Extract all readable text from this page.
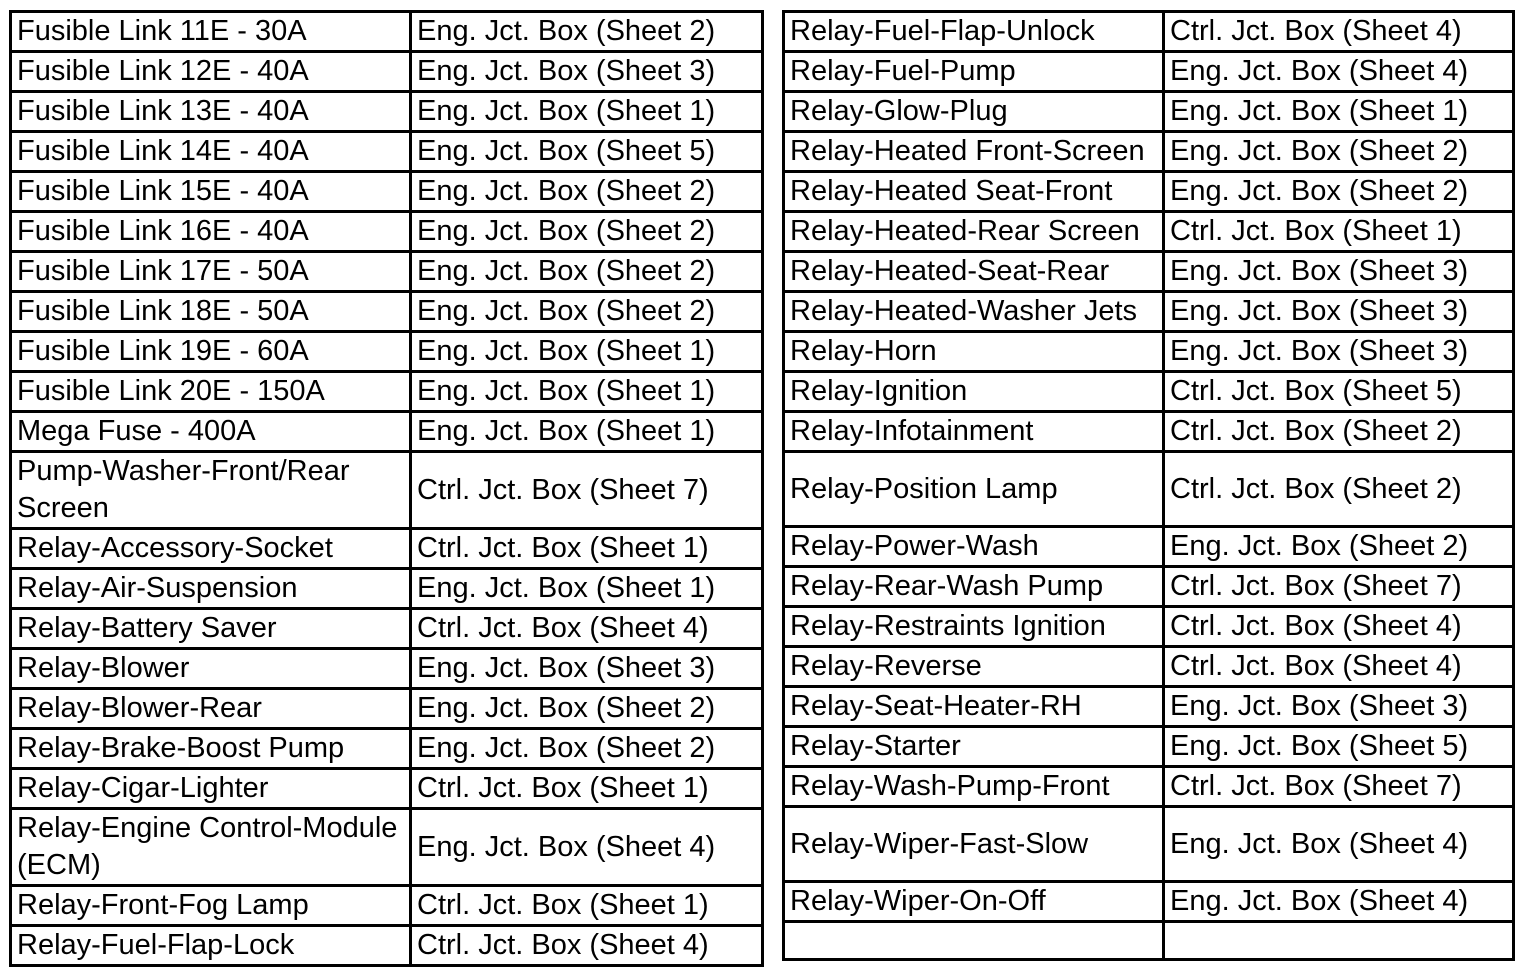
Fusible Link 11E - 30A	Eng. Jct. Box (Sheet 2)
Fusible Link 12E - 40A	Eng. Jct. Box (Sheet 3)
Fusible Link 13E - 40A	Eng. Jct. Box (Sheet 1)
Fusible Link 14E - 40A	Eng. Jct. Box (Sheet 5)
Fusible Link 15E - 40A	Eng. Jct. Box (Sheet 2)
Fusible Link 16E - 40A	Eng. Jct. Box (Sheet 2)
Fusible Link 17E - 50A	Eng. Jct. Box (Sheet 2)
Fusible Link 18E - 50A	Eng. Jct. Box (Sheet 2)
Fusible Link 19E - 60A	Eng. Jct. Box (Sheet 1)
Fusible Link 20E - 150A	Eng. Jct. Box (Sheet 1)
Mega Fuse - 400A	Eng. Jct. Box (Sheet 1)
Pump-Washer-Front/Rear Screen	Ctrl. Jct. Box (Sheet 7)
Relay-Accessory-Socket	Ctrl. Jct. Box (Sheet 1)
Relay-Air-Suspension	Eng. Jct. Box (Sheet 1)
Relay-Battery Saver	Ctrl. Jct. Box (Sheet 4)
Relay-Blower	Eng. Jct. Box (Sheet 3)
Relay-Blower-Rear	Eng. Jct. Box (Sheet 2)
Relay-Brake-Boost Pump	Eng. Jct. Box (Sheet 2)
Relay-Cigar-Lighter	Ctrl. Jct. Box (Sheet 1)
Relay-Engine Control-Module (ECM)	Eng. Jct. Box (Sheet 4)
Relay-Front-Fog Lamp	Ctrl. Jct. Box (Sheet 1)
Relay-Fuel-Flap-Lock	Ctrl. Jct. Box (Sheet 4)
Relay-Fuel-Flap-Unlock	Ctrl. Jct. Box (Sheet 4)
Relay-Fuel-Pump	Eng. Jct. Box (Sheet 4)
Relay-Glow-Plug	Eng. Jct. Box (Sheet 1)
Relay-Heated Front-Screen	Eng. Jct. Box (Sheet 2)
Relay-Heated Seat-Front	Eng. Jct. Box (Sheet 2)
Relay-Heated-Rear Screen	Ctrl. Jct. Box (Sheet 1)
Relay-Heated-Seat-Rear	Eng. Jct. Box (Sheet 3)
Relay-Heated-Washer Jets	Eng. Jct. Box (Sheet 3)
Relay-Horn	Eng. Jct. Box (Sheet 3)
Relay-Ignition	Ctrl. Jct. Box (Sheet 5)
Relay-Infotainment	Ctrl. Jct. Box (Sheet 2)
Relay-Position Lamp	Ctrl. Jct. Box (Sheet 2)
Relay-Power-Wash	Eng. Jct. Box (Sheet 2)
Relay-Rear-Wash Pump	Ctrl. Jct. Box (Sheet 7)
Relay-Restraints Ignition	Ctrl. Jct. Box (Sheet 4)
Relay-Reverse	Ctrl. Jct. Box (Sheet 4)
Relay-Seat-Heater-RH	Eng. Jct. Box (Sheet 3)
Relay-Starter	Eng. Jct. Box (Sheet 5)
Relay-Wash-Pump-Front	Ctrl. Jct. Box (Sheet 7)
Relay-Wiper-Fast-Slow	Eng. Jct. Box (Sheet 4)
Relay-Wiper-On-Off	Eng. Jct. Box (Sheet 4)
